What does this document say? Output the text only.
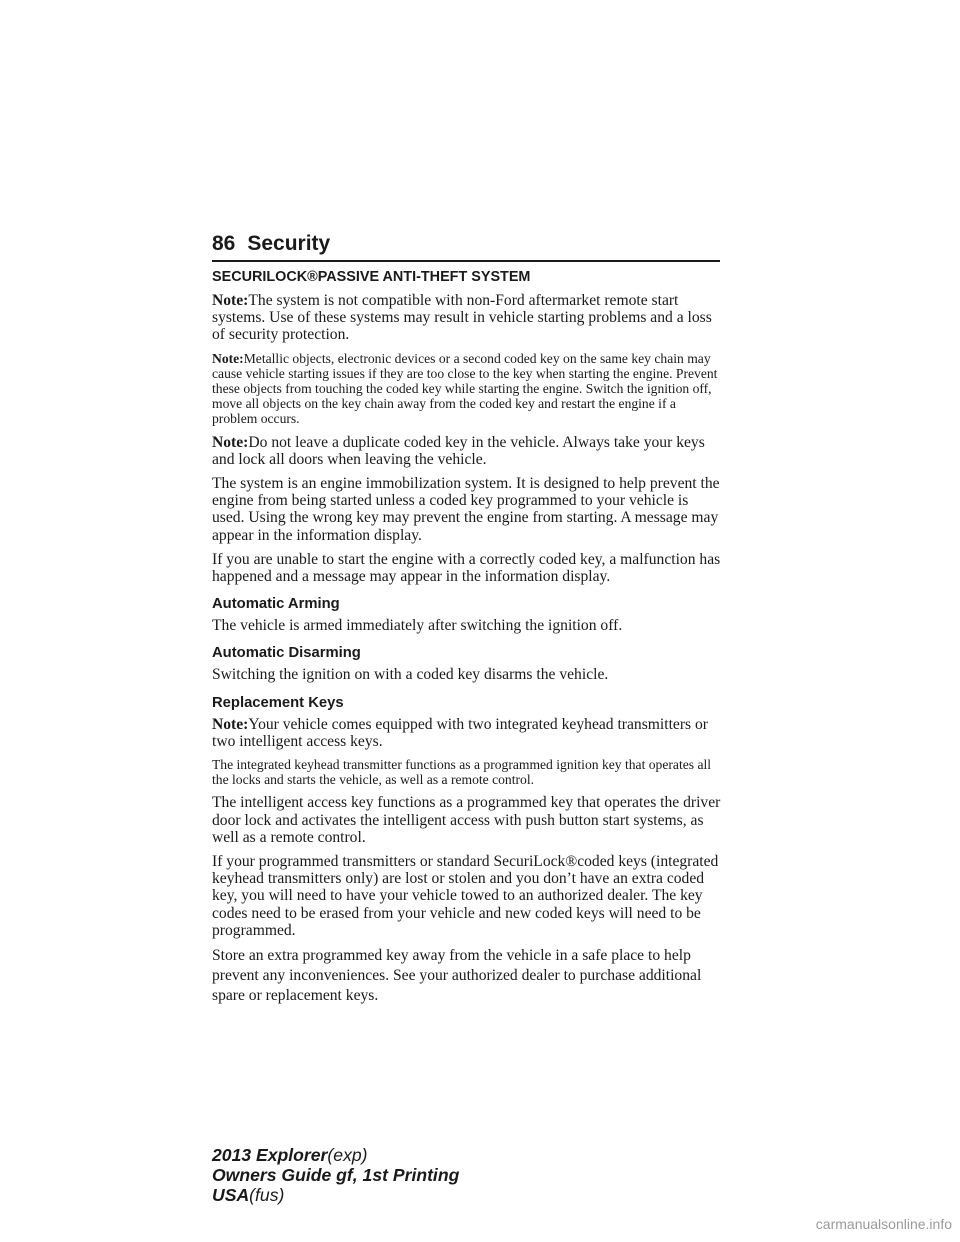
86 Security
SECURILOCK®PASSIVE ANTI-THEFT SYSTEM

Note:The system is not compatible with non-Ford aftermarket remote start systems. Use of these systems may result in vehicle starting problems and a loss of security protection.

Note:Metallic objects, electronic devices or a second coded key on the same key chain may cause vehicle starting issues if they are too close to the key when starting the engine. Prevent these objects from touching the coded key while starting the engine. Switch the ignition off, move all objects on the key chain away from the coded key and restart the engine if a problem occurs.

Note:Do not leave a duplicate coded key in the vehicle. Always take your keys and lock all doors when leaving the vehicle.

The system is an engine immobilization system. It is designed to help prevent the engine from being started unless a coded key programmed to your vehicle is used. Using the wrong key may prevent the engine from starting. A message may appear in the information display.

If you are unable to start the engine with a correctly coded key, a malfunction has happened and a message may appear in the information display.

Automatic Arming

The vehicle is armed immediately after switching the ignition off.

Automatic Disarming

Switching the ignition on with a coded key disarms the vehicle.

Replacement Keys

Note:Your vehicle comes equipped with two integrated keyhead transmitters or two intelligent access keys.

The integrated keyhead transmitter functions as a programmed ignition key that operates all the locks and starts the vehicle, as well as a remote control.

The intelligent access key functions as a programmed key that operates the driver door lock and activates the intelligent access with push button start systems, as well as a remote control.

If your programmed transmitters or standard SecuriLock®coded keys (integrated keyhead transmitters only) are lost or stolen and you don’t have an extra coded key, you will need to have your vehicle towed to an authorized dealer. The key codes need to be erased from your vehicle and new coded keys will need to be programmed.

Store an extra programmed key away from the vehicle in a safe place to help prevent any inconveniences. See your authorized dealer to purchase additional spare or replacement keys.

2013 Explorer(exp)
Owners Guide gf, 1st Printing
USA(fus)
carmanualsonline.info
